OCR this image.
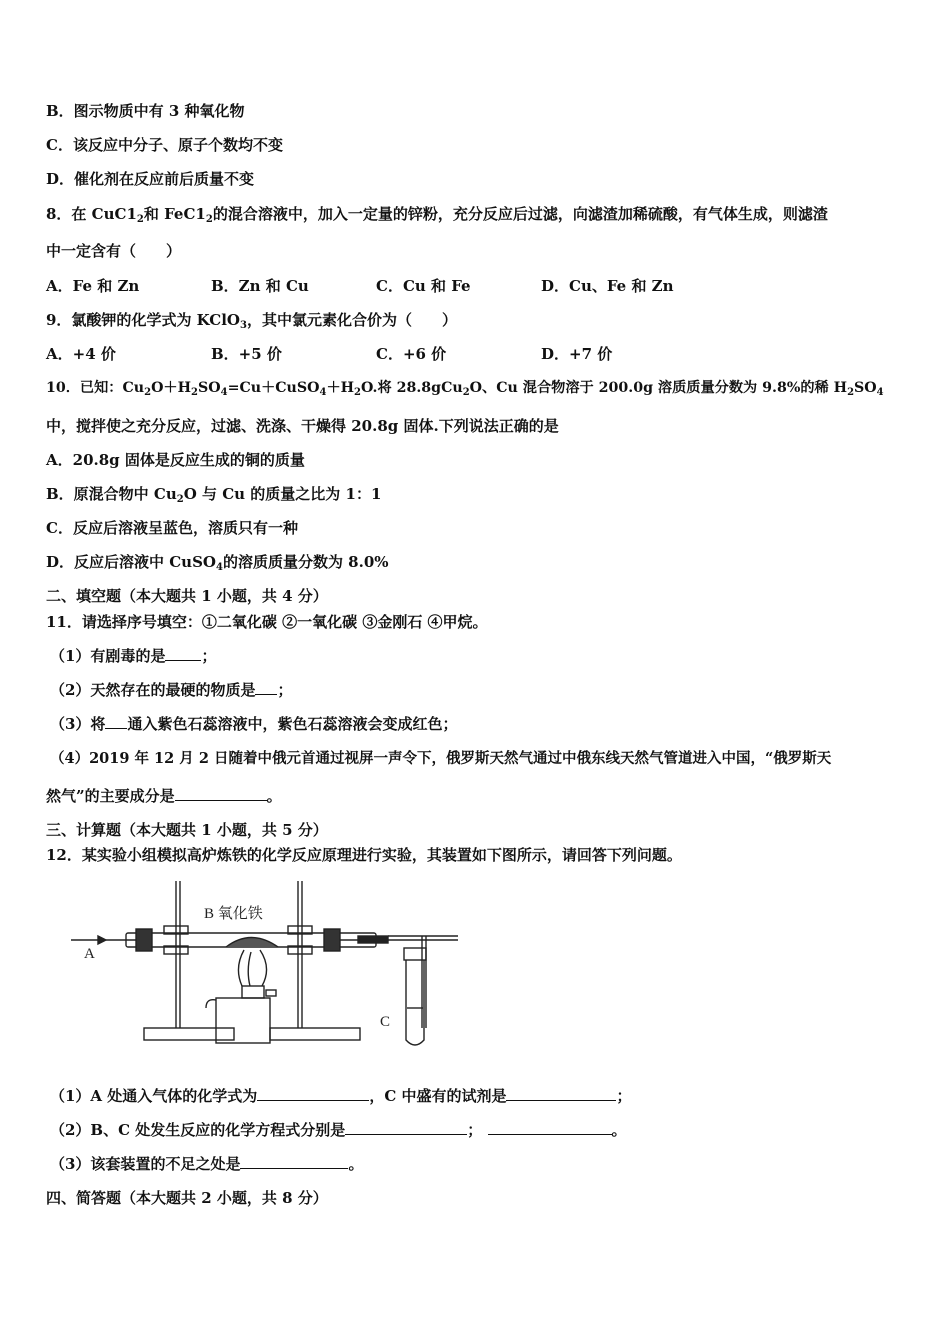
B．图示物质中有 3 种氧化物
C．该反应中分子、原子个数均不变
D．催化剂在反应前后质量不变
8．在 $CuC1_2$和 $FeC1_2$的混合溶液中，加入一定量的锌粉，充分反应后过滤，向滤渣加稀硫酸，有气体生成，则滤渣
中一定含有（　　）
A．Fe 和 Zn	B．Zn 和 Cu	C．Cu 和 Fe	D．Cu、Fe 和 Zn
9．氯酸钾的化学式为 KClO$_3$，其中氯元素化合价为（　　）
A．+4 价	B．+5 价	C．+6 价	D．+7 价
10．已知：$Cu_2O+H_2SO_4=Cu+CuSO_4+H_2O$.将 28.8gCu$_2$O、Cu 混合物溶于 200.0g 溶质质量分数为 9.8%的稀 $H_2SO_4$
中，搅拌使之充分反应，过滤、洗涤、干燥得 20.8g 固体.下列说法正确的是
A．20.8g 固体是反应生成的铜的质量
B．原混合物中 $Cu_2O$ 与 Cu 的质量之比为 1：1
C．反应后溶液呈蓝色，溶质只有一种
D．反应后溶液中 CuSO$_4$的溶质质量分数为 8.0%
二、填空题（本大题共 1 小题，共 4 分）
11．请选择序号填空：①二氧化碳 ②一氧化碳 ③金刚石 ④甲烷。
（1）有剧毒的是 ；
（2）天然存在的最硬的物质是 ；
（3）将 通入紫色石蕊溶液中，紫色石蕊溶液会变成红色；
（4）2019 年 12 月 2 日随着中俄元首通过视屏一声令下，俄罗斯天然气通过中俄东线天然气管道进入中国，“俄罗斯天
然气”的主要成分是	。
三、计算题（本大题共 1 小题，共 5 分）
12．某实验小组模拟高炉炼铁的化学反应原理进行实验，其装置如下图所示，请回答下列问题。
A
B 氧化铁
C
（1）A 处通入气体的化学式为	，C 中盛有的试剂是	；
（2）B、C 处发生反应的化学方程式分别是	；	。
（3）该套装置的不足之处是	。
四、简答题（本大题共 2 小题，共 8 分）
